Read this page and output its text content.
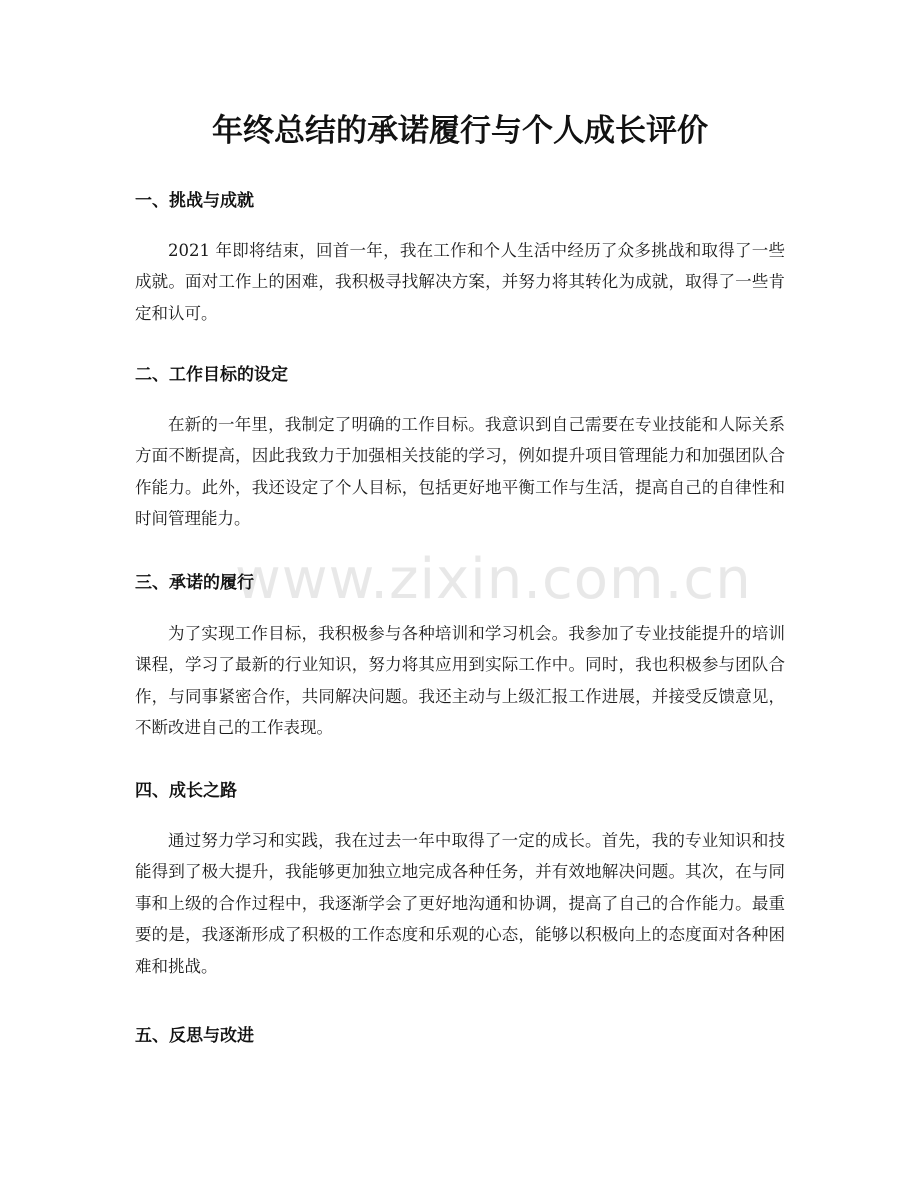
年终总结的承诺履行与个人成长评价
www.zixin.com.cn
一、挑战与成就

2021 年即将结束，回首一年，我在工作和个人生活中经历了众多挑战和取得了一些成就。面对工作上的困难，我积极寻找解决方案，并努力将其转化为成就，取得了一些肯定和认可。

二、工作目标的设定

在新的一年里，我制定了明确的工作目标。我意识到自己需要在专业技能和人际关系方面不断提高，因此我致力于加强相关技能的学习，例如提升项目管理能力和加强团队合作能力。此外，我还设定了个人目标，包括更好地平衡工作与生活，提高自己的自律性和时间管理能力。

三、承诺的履行

为了实现工作目标，我积极参与各种培训和学习机会。我参加了专业技能提升的培训课程，学习了最新的行业知识，努力将其应用到实际工作中。同时，我也积极参与团队合作，与同事紧密合作，共同解决问题。我还主动与上级汇报工作进展，并接受反馈意见，不断改进自己的工作表现。

四、成长之路

通过努力学习和实践，我在过去一年中取得了一定的成长。首先，我的专业知识和技能得到了极大提升，我能够更加独立地完成各种任务，并有效地解决问题。其次，在与同事和上级的合作过程中，我逐渐学会了更好地沟通和协调，提高了自己的合作能力。最重要的是，我逐渐形成了积极的工作态度和乐观的心态，能够以积极向上的态度面对各种困难和挑战。

五、反思与改进
